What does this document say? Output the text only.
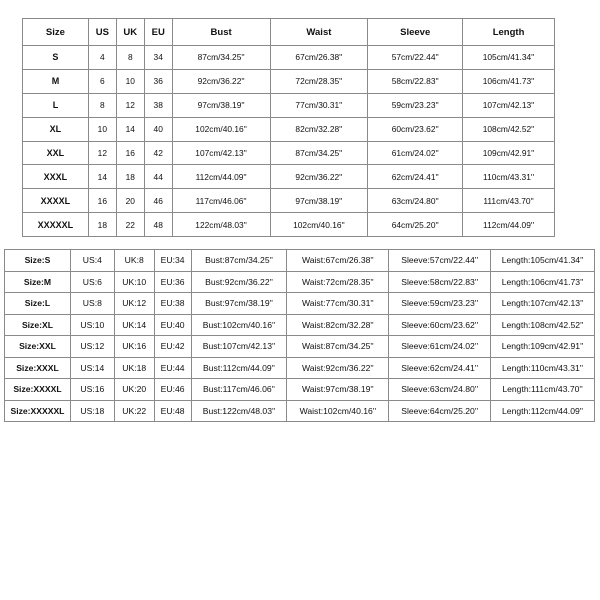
Size	US	UK	EU	Bust	Waist	Sleeve	Length
S	4	8	34	87cm/34.25''	67cm/26.38''	57cm/22.44''	105cm/41.34''
M	6	10	36	92cm/36.22''	72cm/28.35''	58cm/22.83''	106cm/41.73''
L	8	12	38	97cm/38.19''	77cm/30.31''	59cm/23.23''	107cm/42.13''
XL	10	14	40	102cm/40.16''	82cm/32.28''	60cm/23.62''	108cm/42.52''
XXL	12	16	42	107cm/42.13''	87cm/34.25''	61cm/24.02''	109cm/42.91''
XXXL	14	18	44	112cm/44.09''	92cm/36.22''	62cm/24.41''	110cm/43.31''
XXXXL	16	20	46	117cm/46.06''	97cm/38.19''	63cm/24.80''	111cm/43.70''
XXXXXL	18	22	48	122cm/48.03''	102cm/40.16''	64cm/25.20''	112cm/44.09''
Size:S	US:4	UK:8	EU:34	Bust:87cm/34.25''	Waist:67cm/26.38''	Sleeve:57cm/22.44''	Length:105cm/41.34''
Size:M	US:6	UK:10	EU:36	Bust:92cm/36.22''	Waist:72cm/28.35''	Sleeve:58cm/22.83''	Length:106cm/41.73''
Size:L	US:8	UK:12	EU:38	Bust:97cm/38.19''	Waist:77cm/30.31''	Sleeve:59cm/23.23''	Length:107cm/42.13''
Size:XL	US:10	UK:14	EU:40	Bust:102cm/40.16''	Waist:82cm/32.28''	Sleeve:60cm/23.62''	Length:108cm/42.52''
Size:XXL	US:12	UK:16	EU:42	Bust:107cm/42.13''	Waist:87cm/34.25''	Sleeve:61cm/24.02''	Length:109cm/42.91''
Size:XXXL	US:14	UK:18	EU:44	Bust:112cm/44.09''	Waist:92cm/36.22''	Sleeve:62cm/24.41''	Length:110cm/43.31''
Size:XXXXL	US:16	UK:20	EU:46	Bust:117cm/46.06''	Waist:97cm/38.19''	Sleeve:63cm/24.80''	Length:111cm/43.70''
Size:XXXXXL	US:18	UK:22	EU:48	Bust:122cm/48.03''	Waist:102cm/40.16''	Sleeve:64cm/25.20''	Length:112cm/44.09''
